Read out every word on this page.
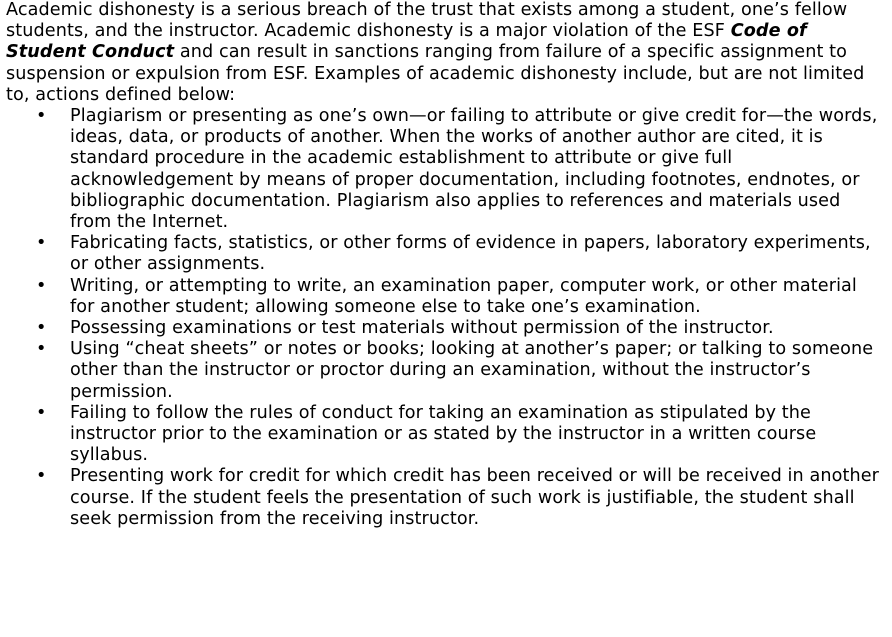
Academic dishonesty is a serious breach of the trust that exists among a student, one’s fellow students, and the instructor. Academic dishonesty is a major violation of the ESF Code of Student Conduct and can result in sanctions ranging from failure of a specific assignment to suspension or expulsion from ESF. Examples of academic dishonesty include, but are not limited to, actions defined below:

• Plagiarism or presenting as one’s own—or failing to attribute or give credit for—the words, ideas, data, or products of another. When the works of another author are cited, it is standard procedure in the academic establishment to attribute or give full acknowledgement by means of proper documentation, including footnotes, endnotes, or bibliographic documentation. Plagiarism also applies to references and materials used from the Internet.
• Fabricating facts, statistics, or other forms of evidence in papers, laboratory experiments, or other assignments.
• Writing, or attempting to write, an examination paper, computer work, or other material for another student; allowing someone else to take one’s examination.
• Possessing examinations or test materials without permission of the instructor.
• Using “cheat sheets” or notes or books; looking at another’s paper; or talking to someone other than the instructor or proctor during an examination, without the instructor’s permission.
• Failing to follow the rules of conduct for taking an examination as stipulated by the instructor prior to the examination or as stated by the instructor in a written course syllabus.
• Presenting work for credit for which credit has been received or will be received in another course. If the student feels the presentation of such work is justifiable, the student shall seek permission from the receiving instructor.
